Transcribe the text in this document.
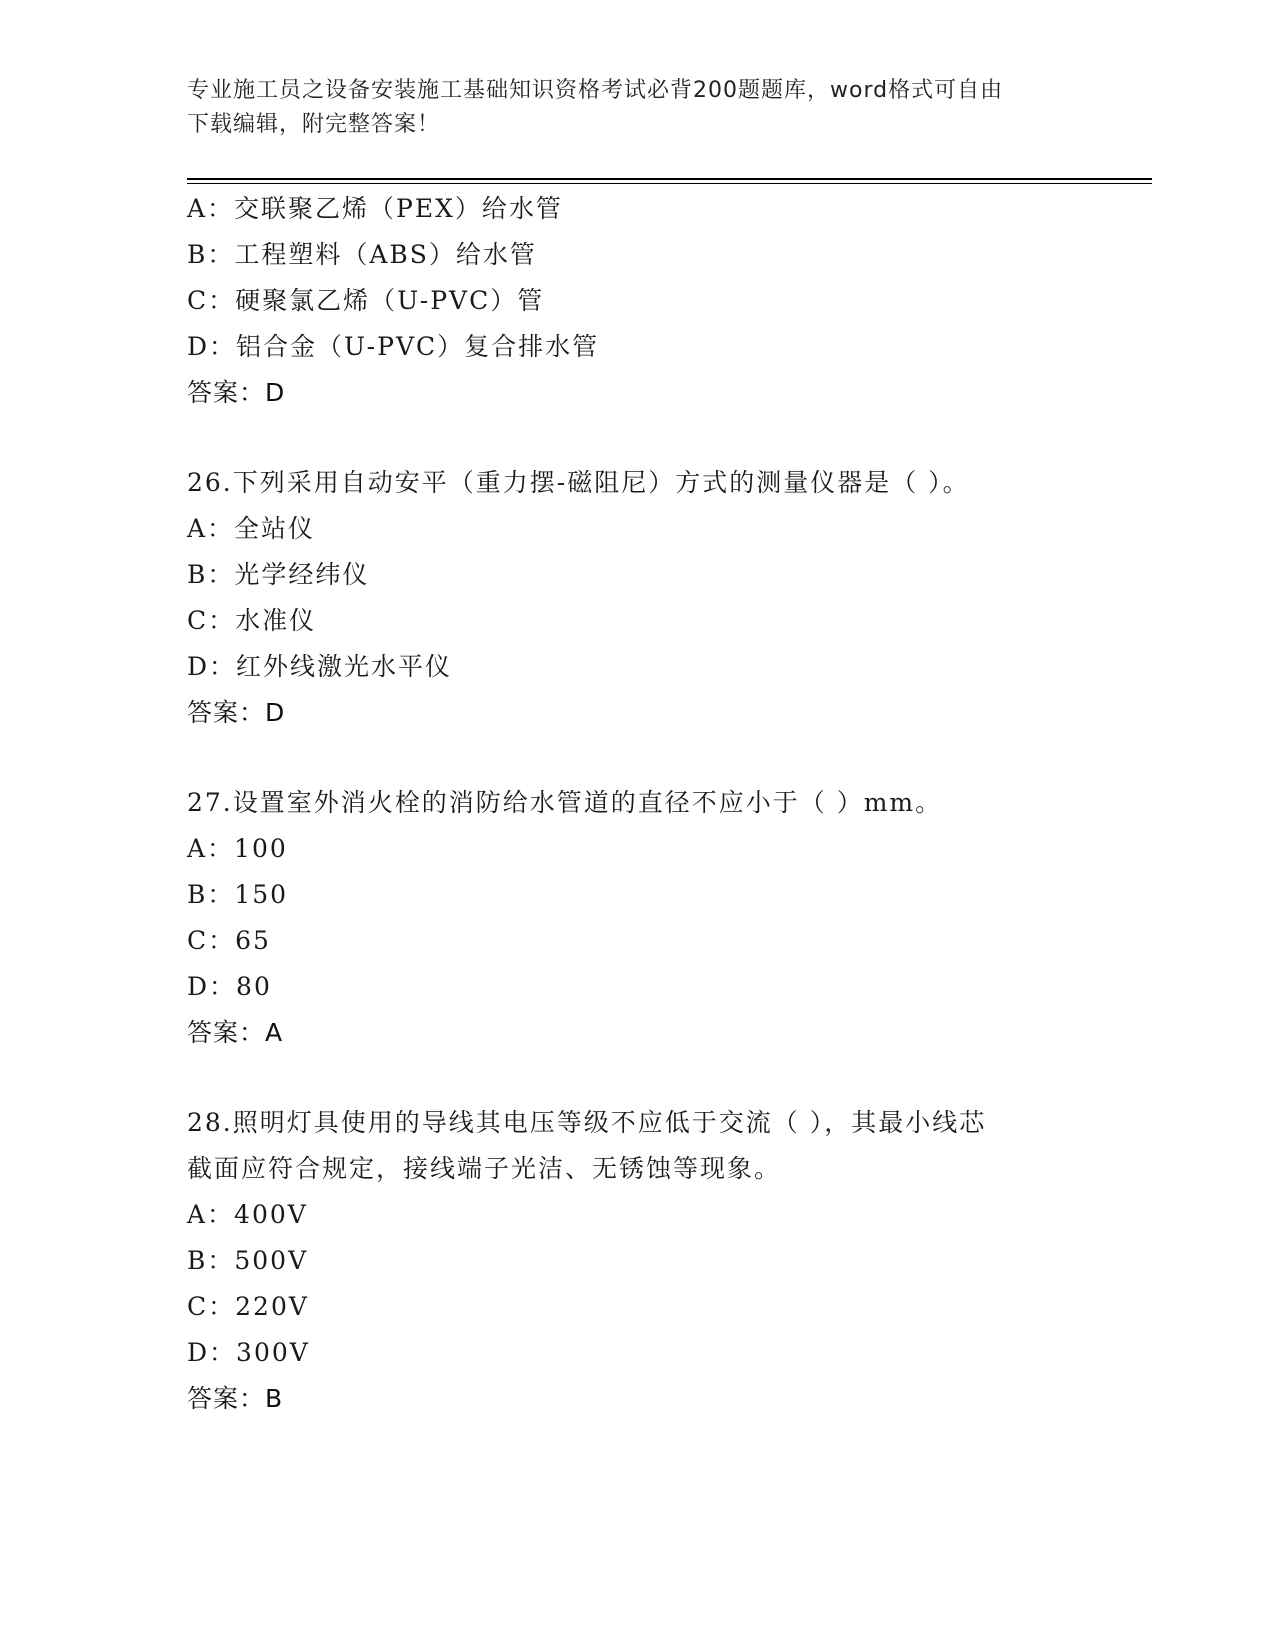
专业施工员之设备安装施工基础知识资格考试必背200题题库，word格式可自由
下载编辑，附完整答案！
A：交联聚乙烯（PEX）给水管
B：工程塑料（ABS）给水管
C：硬聚氯乙烯（U-PVC）管
D：铝合金（U-PVC）复合排水管
答案：D
26.下列采用自动安平（重力摆-磁阻尼）方式的测量仪器是（ ）。
A：全站仪
B：光学经纬仪
C：水准仪
D：红外线激光水平仪
答案：D
27.设置室外消火栓的消防给水管道的直径不应小于（ ）mm。
A：100
B：150
C：65
D：80
答案：A
28.照明灯具使用的导线其电压等级不应低于交流（ ），其最小线芯
截面应符合规定，接线端子光洁、无锈蚀等现象。
A：400V
B：500V
C：220V
D：300V
答案：B
